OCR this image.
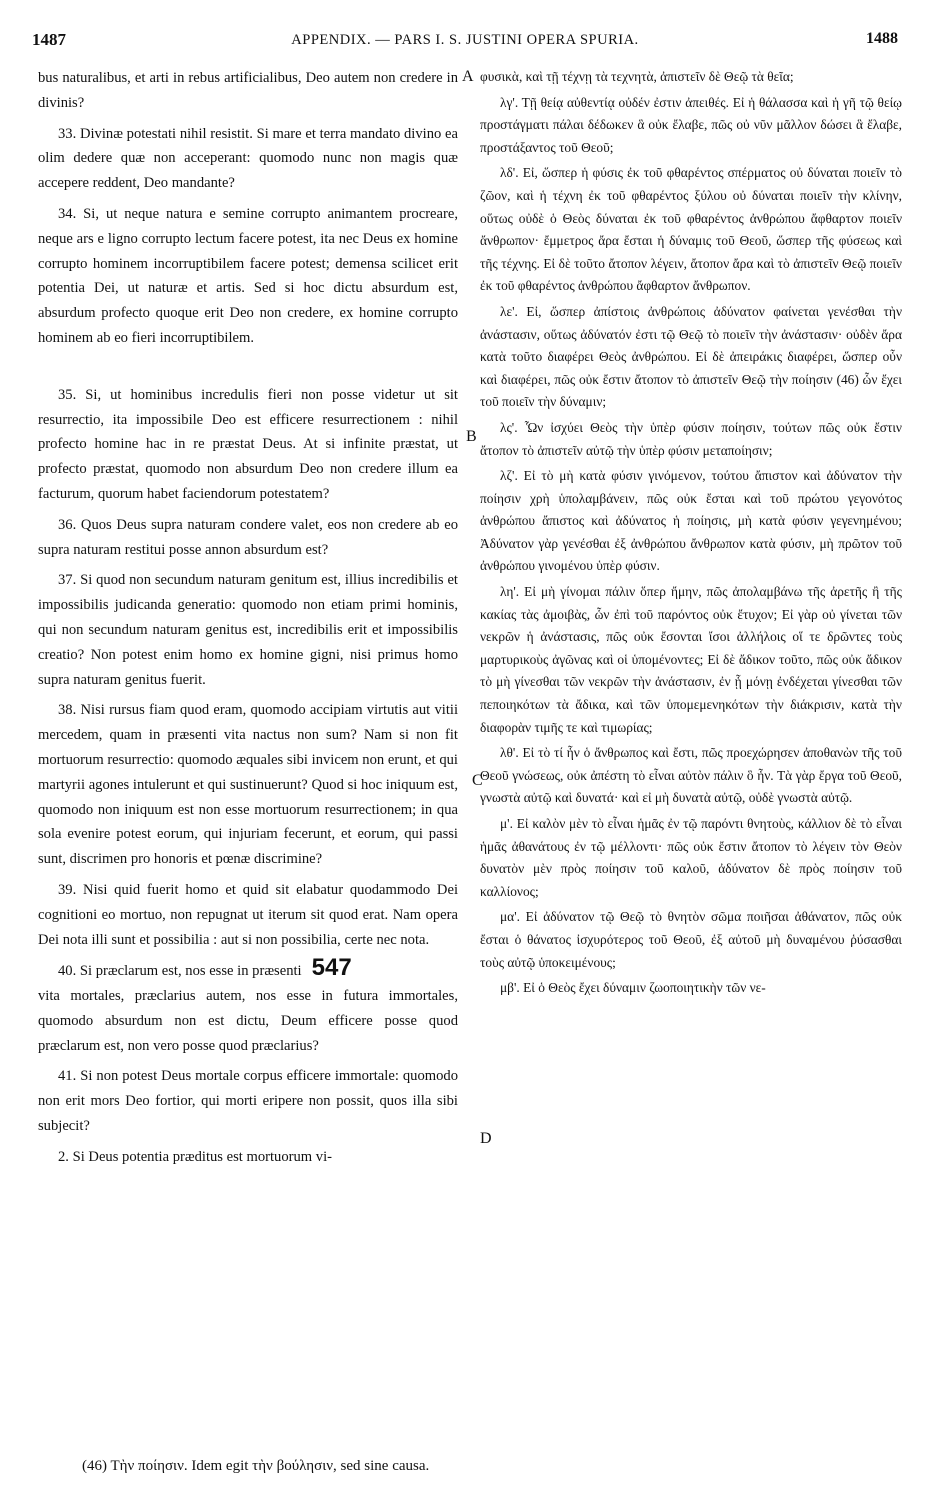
1487	APPENDIX. — PARS I. S. JUSTINI OPERA SPURIA.	1488
A
B
C
D

bus naturalibus, et arti in rebus artificialibus, Deo autem non credere in divinis?

33. Divinæ potestati nihil resistit. Si mare et terra mandato divino ea olim dedere quæ non acceperant: quomodo nunc non magis quæ accepere reddent, Deo mandante?

34. Si, ut neque natura e semine corrupto animantem procreare, neque ars e ligno corrupto lectum facere potest, ita nec Deus ex homine corrupto hominem incorruptibilem facere potest; demensa scilicet erit potentia Dei, ut naturæ et artis. Sed si hoc dictu absurdum est, absurdum profecto quoque erit Deo non credere, ex homine corrupto hominem ab eo fieri incorruptibilem.

35. Si, ut hominibus incredulis fieri non posse videtur ut sit resurrectio, ita impossibile Deo est efficere resurrectionem : nihil profecto homine hac in re præstat Deus. At si infinite præstat, ut profecto præstat, quomodo non absurdum Deo non credere illum ea facturum, quorum habet faciendorum potestatem?

36. Quos Deus supra naturam condere valet, eos non credere ab eo supra naturam restitui posse annon absurdum est?

37. Si quod non secundum naturam genitum est, illius incredibilis et impossibilis judicanda generatio: quomodo non etiam primi hominis, qui non secundum naturam genitus est, incredibilis erit et impossibilis creatio? Non potest enim homo ex homine gigni, nisi primus homo supra naturam genitus fuerit.

38. Nisi rursus fiam quod eram, quomodo accipiam virtutis aut vitii mercedem, quam in præsenti vita nactus non sum? Nam si non fit mortuorum resurrectio: quomodo æquales sibi invicem non erunt, et qui martyrii agones intulerunt et qui sustinuerunt? Quod si hoc iniquum est, quomodo non iniquum est non esse mortuorum resurrectionem; in qua sola evenire potest eorum, qui injuriam fecerunt, et eorum, qui passi sunt, discrimen pro honoris et pœnæ discrimine?

39. Nisi quid fuerit homo et quid sit elabatur quodammodo Dei cognitioni eo mortuo, non repugnat ut iterum sit quod erat. Nam opera Dei nota illi sunt et possibilia : aut si non possibilia, certe nec nota.

40. Si præclarum est, nos esse in præsenti 547

vita mortales, præclarius autem, nos esse in futura immortales, quomodo absurdum non est dictu, Deum efficere posse quod præclarum est, non vero posse quod præclarius?

41. Si non potest Deus mortale corpus efficere immortale: quomodo non erit mors Deo fortior, qui morti eripere non possit, quos illa sibi subjecit?

2. Si Deus potentia præditus est mortuorum vi-

φυσικὰ, καὶ τῇ τέχνῃ τὰ τεχνητὰ, ἀπιστεῖν δὲ Θεῷ τὰ θεῖα;

λγ'. Τῇ θείᾳ αὐθεντίᾳ οὐδέν ἐστιν ἀπειθές. Εἰ ἡ θάλασσα καὶ ἡ γῆ τῷ θείῳ προστάγματι πάλαι δέδωκεν ἃ οὐκ ἔλαβε, πῶς οὐ νῦν μᾶλλον δώσει ἃ ἔλαβε, προστάξαντος τοῦ Θεοῦ;

λδ'. Εἰ, ὥσπερ ἡ φύσις ἐκ τοῦ φθαρέντος σπέρματος οὐ δύναται ποιεῖν τὸ ζῶον, καὶ ἡ τέχνη ἐκ τοῦ φθαρέντος ξύλου οὐ δύναται ποιεῖν τὴν κλίνην, οὕτως οὐδὲ ὁ Θεὸς δύναται ἐκ τοῦ φθαρέντος ἀνθρώπου ἄφθαρτον ποιεῖν ἄνθρωπον· ἔμμετρος ἄρα ἔσται ἡ δύναμις τοῦ Θεοῦ, ὥσπερ τῆς φύσεως καὶ τῆς τέχνης. Εἰ δὲ τοῦτο ἄτοπον λέγειν, ἄτοπον ἄρα καὶ τὸ ἀπιστεῖν Θεῷ ποιεῖν ἐκ τοῦ φθαρέντος ἀνθρώπου ἄφθαρτον ἄνθρωπον.

λε'. Εἰ, ὥσπερ ἀπίστοις ἀνθρώποις ἀδύνατον φαίνεται γενέσθαι τὴν ἀνάστασιν, οὕτως ἀδύνατόν ἐστι τῷ Θεῷ τὸ ποιεῖν τὴν ἀνάστασιν· οὐδὲν ἄρα κατὰ τοῦτο διαφέρει Θεὸς ἀνθρώπου. Εἰ δὲ ἀπειράκις διαφέρει, ὥσπερ οὖν καὶ διαφέρει, πῶς οὐκ ἔστιν ἄτοπον τὸ ἀπιστεῖν Θεῷ τὴν ποίησιν (46) ὧν ἔχει τοῦ ποιεῖν τὴν δύναμιν;

λς'. Ὧν ἰσχύει Θεὸς τὴν ὑπὲρ φύσιν ποίησιν, τούτων πῶς οὐκ ἔστιν ἄτοπον τὸ ἀπιστεῖν αὐτῷ τὴν ὑπὲρ φύσιν μεταποίησιν;

λζ'. Εἰ τὸ μὴ κατὰ φύσιν γινόμενον, τούτου ἄπιστον καὶ ἀδύνατον τὴν ποίησιν χρὴ ὑπολαμβάνειν, πῶς οὐκ ἔσται καὶ τοῦ πρώτου γεγονότος ἀνθρώπου ἄπιστος καὶ ἀδύνατος ἡ ποίησις, μὴ κατὰ φύσιν γεγενημένου; Ἀδύνατον γὰρ γενέσθαι ἐξ ἀνθρώπου ἄνθρωπον κατὰ φύσιν, μὴ πρῶτον τοῦ ἀνθρώπου γινομένου ὑπὲρ φύσιν.

λη'. Εἰ μὴ γίνομαι πάλιν ὅπερ ἤμην, πῶς ἀπολαμβάνω τῆς ἀρετῆς ἢ τῆς κακίας τὰς ἀμοιβὰς, ὧν ἐπὶ τοῦ παρόντος οὐκ ἔτυχον; Εἰ γὰρ οὐ γίνεται τῶν νεκρῶν ἡ ἀνάστασις, πῶς οὐκ ἔσονται ἴσοι ἀλλήλοις οἵ τε δρῶντες τοὺς μαρτυρικοὺς ἀγῶνας καὶ οἱ ὑπομένοντες; Εἰ δὲ ἄδικον τοῦτο, πῶς οὐκ ἄδικον τὸ μὴ γίνεσθαι τῶν νεκρῶν τὴν ἀνάστασιν, ἐν ᾗ μόνῃ ἐνδέχεται γίνεσθαι τῶν πεποιηκότων τὰ ἄδικα, καὶ τῶν ὑπομεμενηκότων τὴν διάκρισιν, κατὰ τὴν διαφορὰν τιμῆς τε καὶ τιμωρίας;

λθ'. Εἰ τὸ τί ἦν ὁ ἄνθρωπος καὶ ἔστι, πῶς προεχώρησεν ἀποθανὼν τῆς τοῦ Θεοῦ γνώσεως, οὐκ ἀπέστη τὸ εἶναι αὐτὸν πάλιν ὃ ἦν. Τὰ γὰρ ἔργα τοῦ Θεοῦ, γνωστὰ αὐτῷ καὶ δυνατά· καὶ εἰ μὴ δυνατὰ αὐτῷ, οὐδὲ γνωστὰ αὐτῷ.

μ'. Εἰ καλὸν μὲν τὸ εἶναι ἡμᾶς ἐν τῷ παρόντι θνητοὺς, κάλλιον δὲ τὸ εἶναι ἡμᾶς ἀθανάτους ἐν τῷ μέλλοντι· πῶς οὐκ ἔστιν ἄτοπον τὸ λέγειν τὸν Θεὸν δυνατὸν μὲν πρὸς ποίησιν τοῦ καλοῦ, ἀδύνατον δὲ πρὸς ποίησιν τοῦ καλλίονος;

μα'. Εἰ ἀδύνατον τῷ Θεῷ τὸ θνητὸν σῶμα ποιῆσαι ἀθάνατον, πῶς οὐκ ἔσται ὁ θάνατος ἰσχυρότερος τοῦ Θεοῦ, ἐξ αὐτοῦ μὴ δυναμένου ῥύσασθαι τοὺς αὐτῷ ὑποκειμένους;

μβ'. Εἰ ὁ Θεὸς ἔχει δύναμιν ζωοποιητικὴν τῶν νε-

(46) Τὴν ποίησιν. Idem egit τὴν βούλησιν, sed sine causa.
